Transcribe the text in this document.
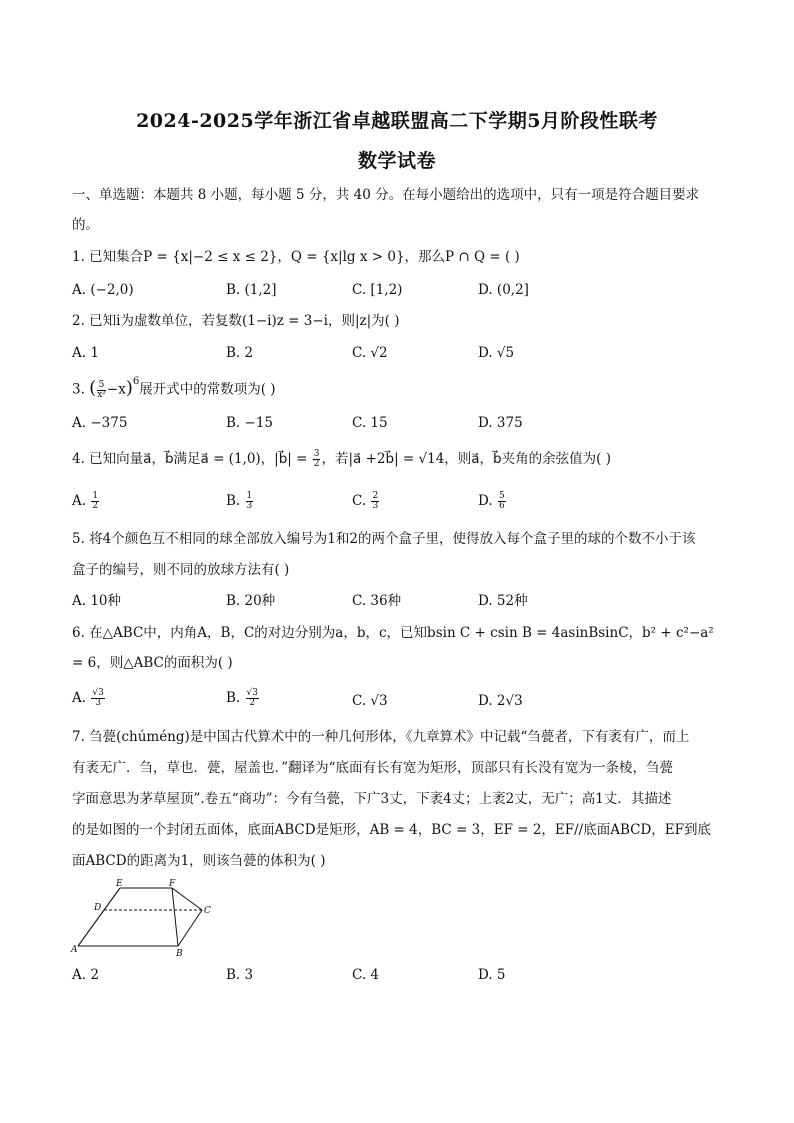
2024-2025学年浙江省卓越联盟高二下学期5月阶段性联考
数学试卷
一、单选题：本题共 8 小题，每小题 5 分，共 40 分。在每小题给出的选项中，只有一项是符合题目要求
的。
1. 已知集合P = {x|−2 ≤ x ≤ 2}，Q = {x|lg x > 0}，那么P ∩ Q = ( )
A. (−2,0)	B. (1,2]	C. [1,2)	D. (0,2]
2. 已知i为虚数单位，若复数(1−i)z = 3−i，则|z|为( )
A. 1	B. 2	C. √2	D. √5
3. ( $\frac{5}{\text{x²}} -x)^6$展开式中的常数项为( )
A. −375	B. −15	C. 15	D. 375
4. 已知向量a⃗，b⃗满足a⃗ = (1,0)，|b⃗| = $\frac{3}{2}$ ，若|a⃗ +2b⃗| = √14，则a⃗，b⃗夹角的余弦值为( )
A. $\frac{1}{2}$	B. $\frac{1}{3}$	C. $\frac{2}{3}$	D. $\frac{5}{6}$
5. 将4个颜色互不相同的球全部放入编号为1和2的两个盒子里，使得放入每个盒子里的球的个数不小于该
盒子的编号，则不同的放球方法有( )
A. 10种	B. 20种	C. 36种	D. 52种
6. 在△ABC中，内角A，B，C的对边分别为a，b，c，已知bsin C + csin B = 4asinBsinC，b² + c²−a²
= 6，则△ABC的面积为( )
A. $\frac{√3}{3}$	B. $\frac{√3}{2}$	C. √3	D. 2√3
7. 刍甍(chúméng)是中国古代算术中的一种几何形体，《九章算术》中记载“刍甍者，下有袤有广，而上
有袤无广．刍，草也．甍，屋盖也．”翻译为“底面有长有宽为矩形，顶部只有长没有宽为一条棱，刍甍
字面意思为茅草屋顶”.卷五“商功”：今有刍甍，下广3丈，下袤4丈；上袤2丈，无广；高1丈．其描述
的是如图的一个封闭五面体，底面ABCD是矩形，AB = 4，BC = 3，EF = 2，EF//底面ABCD，EF到底
面ABCD的距离为1，则该刍甍的体积为( )
E	F
D	C
A	B
A. 2	B. 3	C. 4	D. 5
